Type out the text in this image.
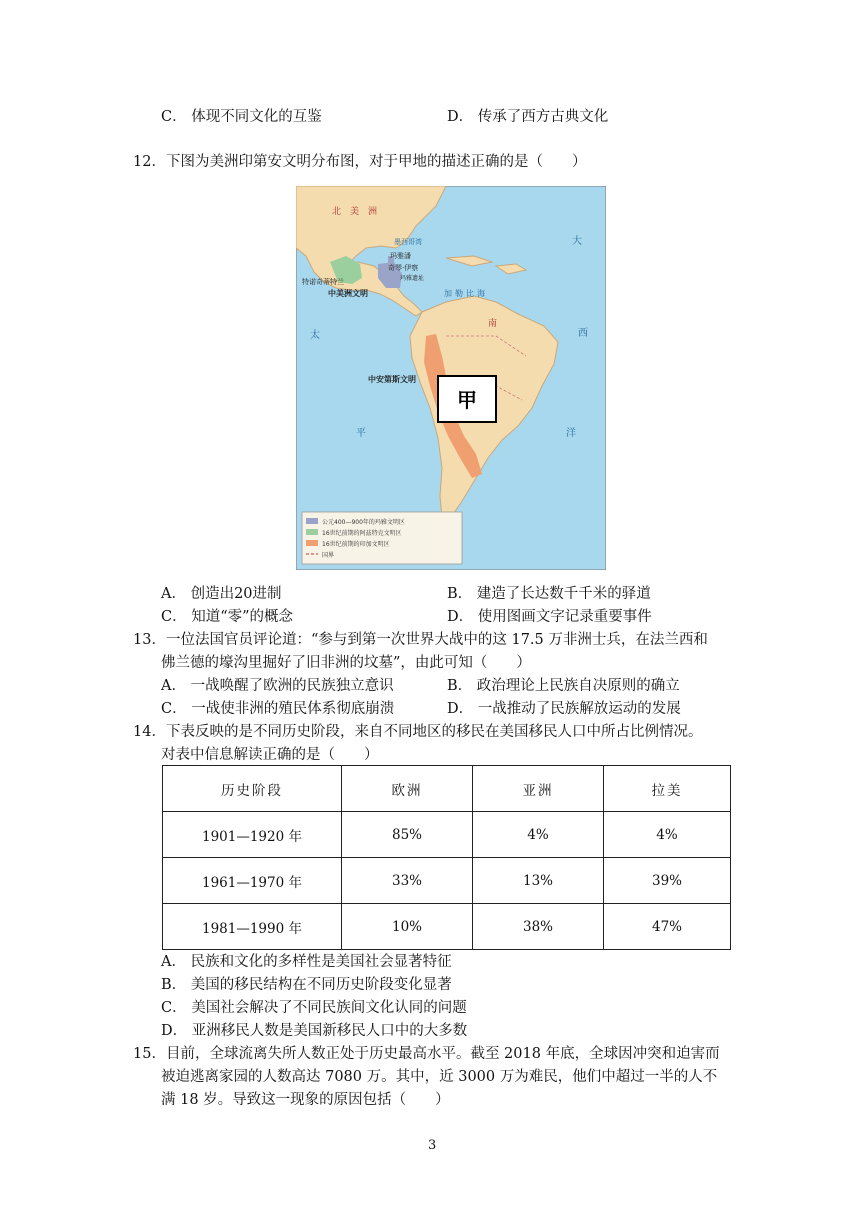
C． 体现不同文化的互鉴	D． 传承了西方古典文化
12．下图为美洲印第安文明分布图，对于甲地的描述正确的是（　　）
北　美　洲
墨西哥湾
玛雅潘
奇琴·伊察
玛雅遗址
特诺奇蒂特兰
中美洲文明	加勒比海
中安第斯文明
大
西
洋
太
平
南
甲
公元400—900年的玛雅文明区
16世纪前期的阿兹特克文明区
16世纪前期的印加文明区
国界
A． 创造出20进制	B． 建造了长达数千千米的驿道
C． 知道“零”的概念	D． 使用图画文字记录重要事件
13．一位法国官员评论道：“参与到第一次世界大战中的这 17.5 万非洲士兵，在法兰西和
佛兰德的壕沟里掘好了旧非洲的坟墓”，由此可知（　　）
A． 一战唤醒了欧洲的民族独立意识	B． 政治理论上民族自决原则的确立
C． 一战使非洲的殖民体系彻底崩溃	D． 一战推动了民族解放运动的发展
14．下表反映的是不同历史阶段，来自不同地区的移民在美国移民人口中所占比例情况。
对表中信息解读正确的是（　　）
历史阶段	欧洲	亚洲	拉美
1901—1920 年	85%	4%	4%
1961—1970 年	33%	13%	39%
1981—1990 年	10%	38%	47%
A． 民族和文化的多样性是美国社会显著特征
B． 美国的移民结构在不同历史阶段变化显著
C． 美国社会解决了不同民族间文化认同的问题
D． 亚洲移民人数是美国新移民人口中的大多数
15．目前，全球流离失所人数正处于历史最高水平。截至 2018 年底，全球因冲突和迫害而
被迫逃离家园的人数高达 7080 万。其中，近 3000 万为难民，他们中超过一半的人不
满 18 岁。导致这一现象的原因包括（　　）
3
